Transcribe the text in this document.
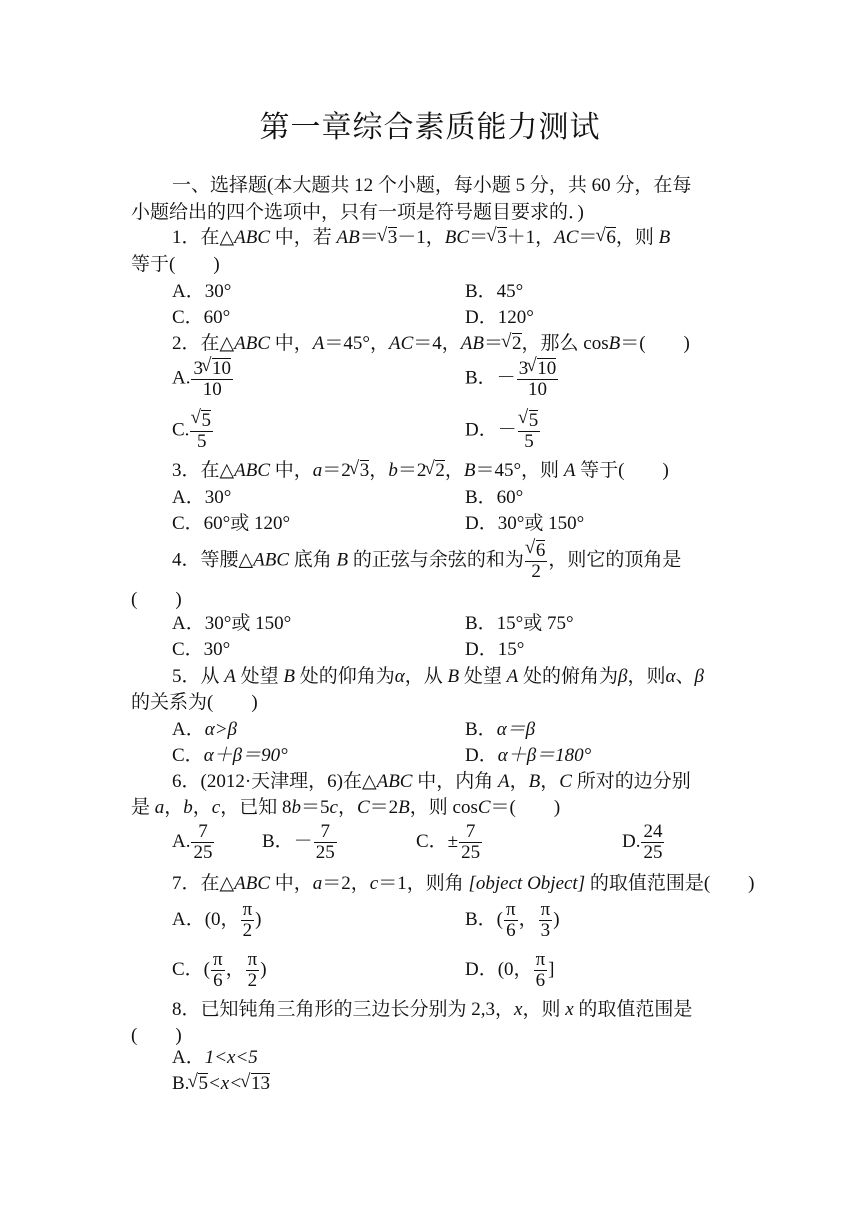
第一章综合素质能力测试
一、选择题(本大题共 12 个小题，每小题 5 分，共 60 分，在每
小题给出的四个选项中，只有一项是符号题目要求的．)
1．在△ABC 中，若 AB＝ √ 3－1，BC＝ √ 3＋1，AC＝ √ 6，则 B
等于(　　)
A．30°	B．45°
C．60°	D．120°
2．在△ABC 中，A＝45°，AC＝4，AB＝ √ 2，那么 cosB＝(　　)
A. $\frac{3 √ 10}{10}$	B．－ $\frac{3 √ 10}{10}$
C. √ $\frac{5}{5}$	D．－ √ $\frac{5}{5}$
3．在△ABC 中，a＝2 √ 3，b＝2 √ 2，B＝45°，则 A 等于(　　)
A．30°	B．60°
C．60°或 120°	D．30°或 150°
4．等腰△ABC 底角 B 的正弦与余弦的和为 √ $\frac{6}{2}$ ，则它的顶角是
(　　)
A．30°或 150°	B．15°或 75°
C．30°	D．15°
5．从 A 处望 B 处的仰角为α，从 B 处望 A 处的俯角为β，则α、β
的关系为(　　)
A．α>β	B．α＝β
C．α＋β＝90°	D．α＋β＝180°
6．(2012·天津理，6)在△ABC 中，内角 A，B，C 所对的边分别
是 a，b，c，已知 8b＝5c，C＝2B，则 cosC＝(　　)
A. $\frac{7}{25}$	B．－ $\frac{7}{25}$	C．± $\frac{7}{25}$	D. $\frac{24}{25}$
7．在△ABC 中，a＝2，c＝1，则角 [object Object] 的取值范围是(　　)
A．(0， $\frac{\pi}{2}$ )	B．( $\frac{\pi}{6}$ ， $\frac{\pi}{3}$ )
C．( $\frac{\pi}{6}$ ， $\frac{\pi}{2}$ )	D．(0， $\frac{\pi}{6}$ ]
8．已知钝角三角形的三边长分别为 2,3，x，则 x 的取值范围是
(　　)
A．1<x<5
B. √ 5<x< √ 13
